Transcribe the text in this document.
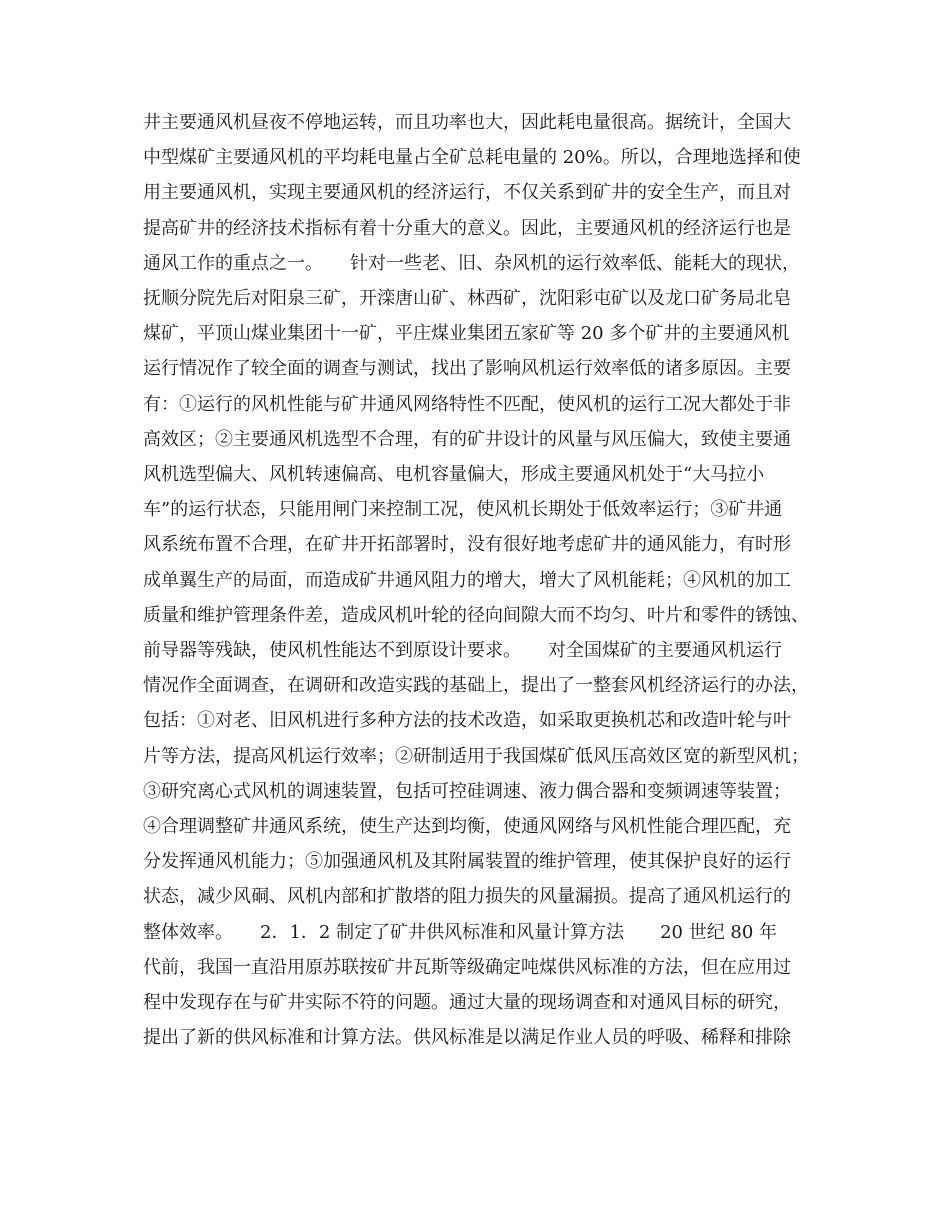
井主要通风机昼夜不停地运转，而且功率也大，因此耗电量很高。据统计，全国大
中型煤矿主要通风机的平均耗电量占全矿总耗电量的 20%。所以，合理地选择和使
用主要通风机，实现主要通风机的经济运行，不仅关系到矿井的安全生产，而且对
提高矿井的经济技术指标有着十分重大的意义。因此，主要通风机的经济运行也是
通风工作的重点之一。　　针对一些老、旧、杂风机的运行效率低、能耗大的现状，
抚顺分院先后对阳泉三矿，开滦唐山矿、林西矿，沈阳彩屯矿以及龙口矿务局北皂
煤矿，平顶山煤业集团十一矿，平庄煤业集团五家矿等 20 多个矿井的主要通风机
运行情况作了较全面的调查与测试，找出了影响风机运行效率低的诸多原因。主要
有：①运行的风机性能与矿井通风网络特性不匹配，使风机的运行工况大都处于非
高效区；②主要通风机选型不合理，有的矿井设计的风量与风压偏大，致使主要通
风机选型偏大、风机转速偏高、电机容量偏大，形成主要通风机处于“大马拉小
车”的运行状态，只能用闸门来控制工况，使风机长期处于低效率运行；③矿井通
风系统布置不合理，在矿井开拓部署时，没有很好地考虑矿井的通风能力，有时形
成单翼生产的局面，而造成矿井通风阻力的增大，增大了风机能耗；④风机的加工
质量和维护管理条件差，造成风机叶轮的径向间隙大而不均匀、叶片和零件的锈蚀、
前导器等残缺，使风机性能达不到原设计要求。　　对全国煤矿的主要通风机运行
情况作全面调查，在调研和改造实践的基础上，提出了一整套风机经济运行的办法，
包括：①对老、旧风机进行多种方法的技术改造，如采取更换机芯和改造叶轮与叶
片等方法，提高风机运行效率；②研制适用于我国煤矿低风压高效区宽的新型风机；
③研究离心式风机的调速装置，包括可控硅调速、液力偶合器和变频调速等装置；
④合理调整矿井通风系统，使生产达到均衡，使通风网络与风机性能合理匹配，充
分发挥通风机能力；⑤加强通风机及其附属装置的维护管理，使其保护良好的运行
状态，减少风硐、风机内部和扩散塔的阻力损失的风量漏损。提高了通风机运行的
整体效率。　　2．1．2 制定了矿井供风标准和风量计算方法　　20 世纪 80 年
代前，我国一直沿用原苏联按矿井瓦斯等级确定吨煤供风标准的方法，但在应用过
程中发现存在与矿井实际不符的问题。通过大量的现场调查和对通风目标的研究，
提出了新的供风标准和计算方法。供风标准是以满足作业人员的呼吸、稀释和排除
